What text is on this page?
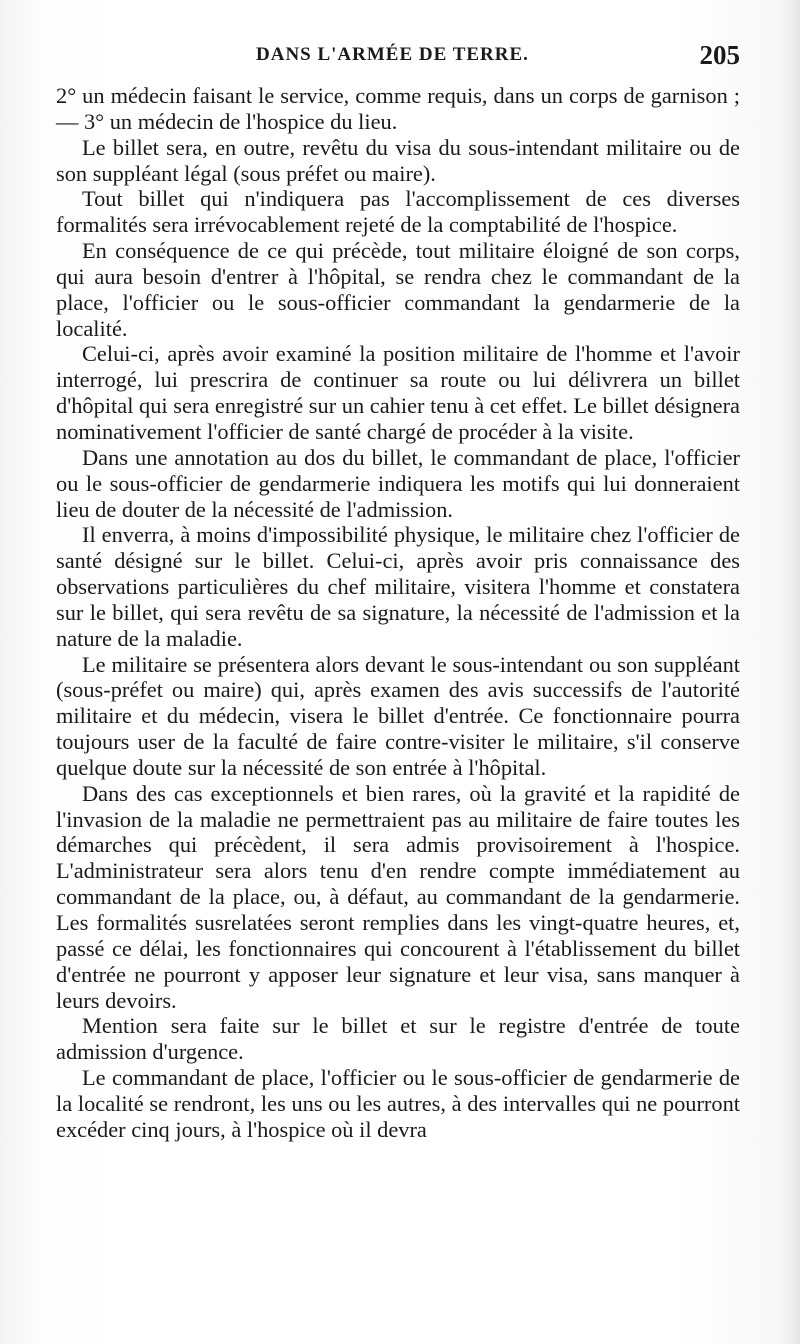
DANS L'ARMÉE DE TERRE.	205

2° un médecin faisant le service, comme requis, dans un corps de garnison ; — 3° un médecin de l'hospice du lieu.

Le billet sera, en outre, revêtu du visa du sous-intendant militaire ou de son suppléant légal (sous préfet ou maire).

Tout billet qui n'indiquera pas l'accomplissement de ces diverses formalités sera irrévocablement rejeté de la comptabilité de l'hospice.

En conséquence de ce qui précède, tout militaire éloigné de son corps, qui aura besoin d'entrer à l'hôpital, se rendra chez le commandant de la place, l'officier ou le sous-officier commandant la gendarmerie de la localité.

Celui-ci, après avoir examiné la position militaire de l'homme et l'avoir interrogé, lui prescrira de continuer sa route ou lui délivrera un billet d'hôpital qui sera enregistré sur un cahier tenu à cet effet. Le billet désignera nominativement l'officier de santé chargé de procéder à la visite.

Dans une annotation au dos du billet, le commandant de place, l'officier ou le sous-officier de gendarmerie indiquera les motifs qui lui donneraient lieu de douter de la nécessité de l'admission.

Il enverra, à moins d'impossibilité physique, le militaire chez l'officier de santé désigné sur le billet. Celui-ci, après avoir pris connaissance des observations particulières du chef militaire, visitera l'homme et constatera sur le billet, qui sera revêtu de sa signature, la nécessité de l'admission et la nature de la maladie.

Le militaire se présentera alors devant le sous-intendant ou son suppléant (sous-préfet ou maire) qui, après examen des avis successifs de l'autorité militaire et du médecin, visera le billet d'entrée. Ce fonctionnaire pourra toujours user de la faculté de faire contre-visiter le militaire, s'il conserve quelque doute sur la nécessité de son entrée à l'hôpital.

Dans des cas exceptionnels et bien rares, où la gravité et la rapidité de l'invasion de la maladie ne permettraient pas au militaire de faire toutes les démarches qui précèdent, il sera admis provisoirement à l'hospice. L'administrateur sera alors tenu d'en rendre compte immédiatement au commandant de la place, ou, à défaut, au commandant de la gendarmerie. Les formalités susrelatées seront remplies dans les vingt-quatre heures, et, passé ce délai, les fonctionnaires qui concourent à l'établissement du billet d'entrée ne pourront y apposer leur signature et leur visa, sans manquer à leurs devoirs.

Mention sera faite sur le billet et sur le registre d'entrée de toute admission d'urgence.

Le commandant de place, l'officier ou le sous-officier de gendarmerie de la localité se rendront, les uns ou les autres, à des intervalles qui ne pourront excéder cinq jours, à l'hospice où il devra
